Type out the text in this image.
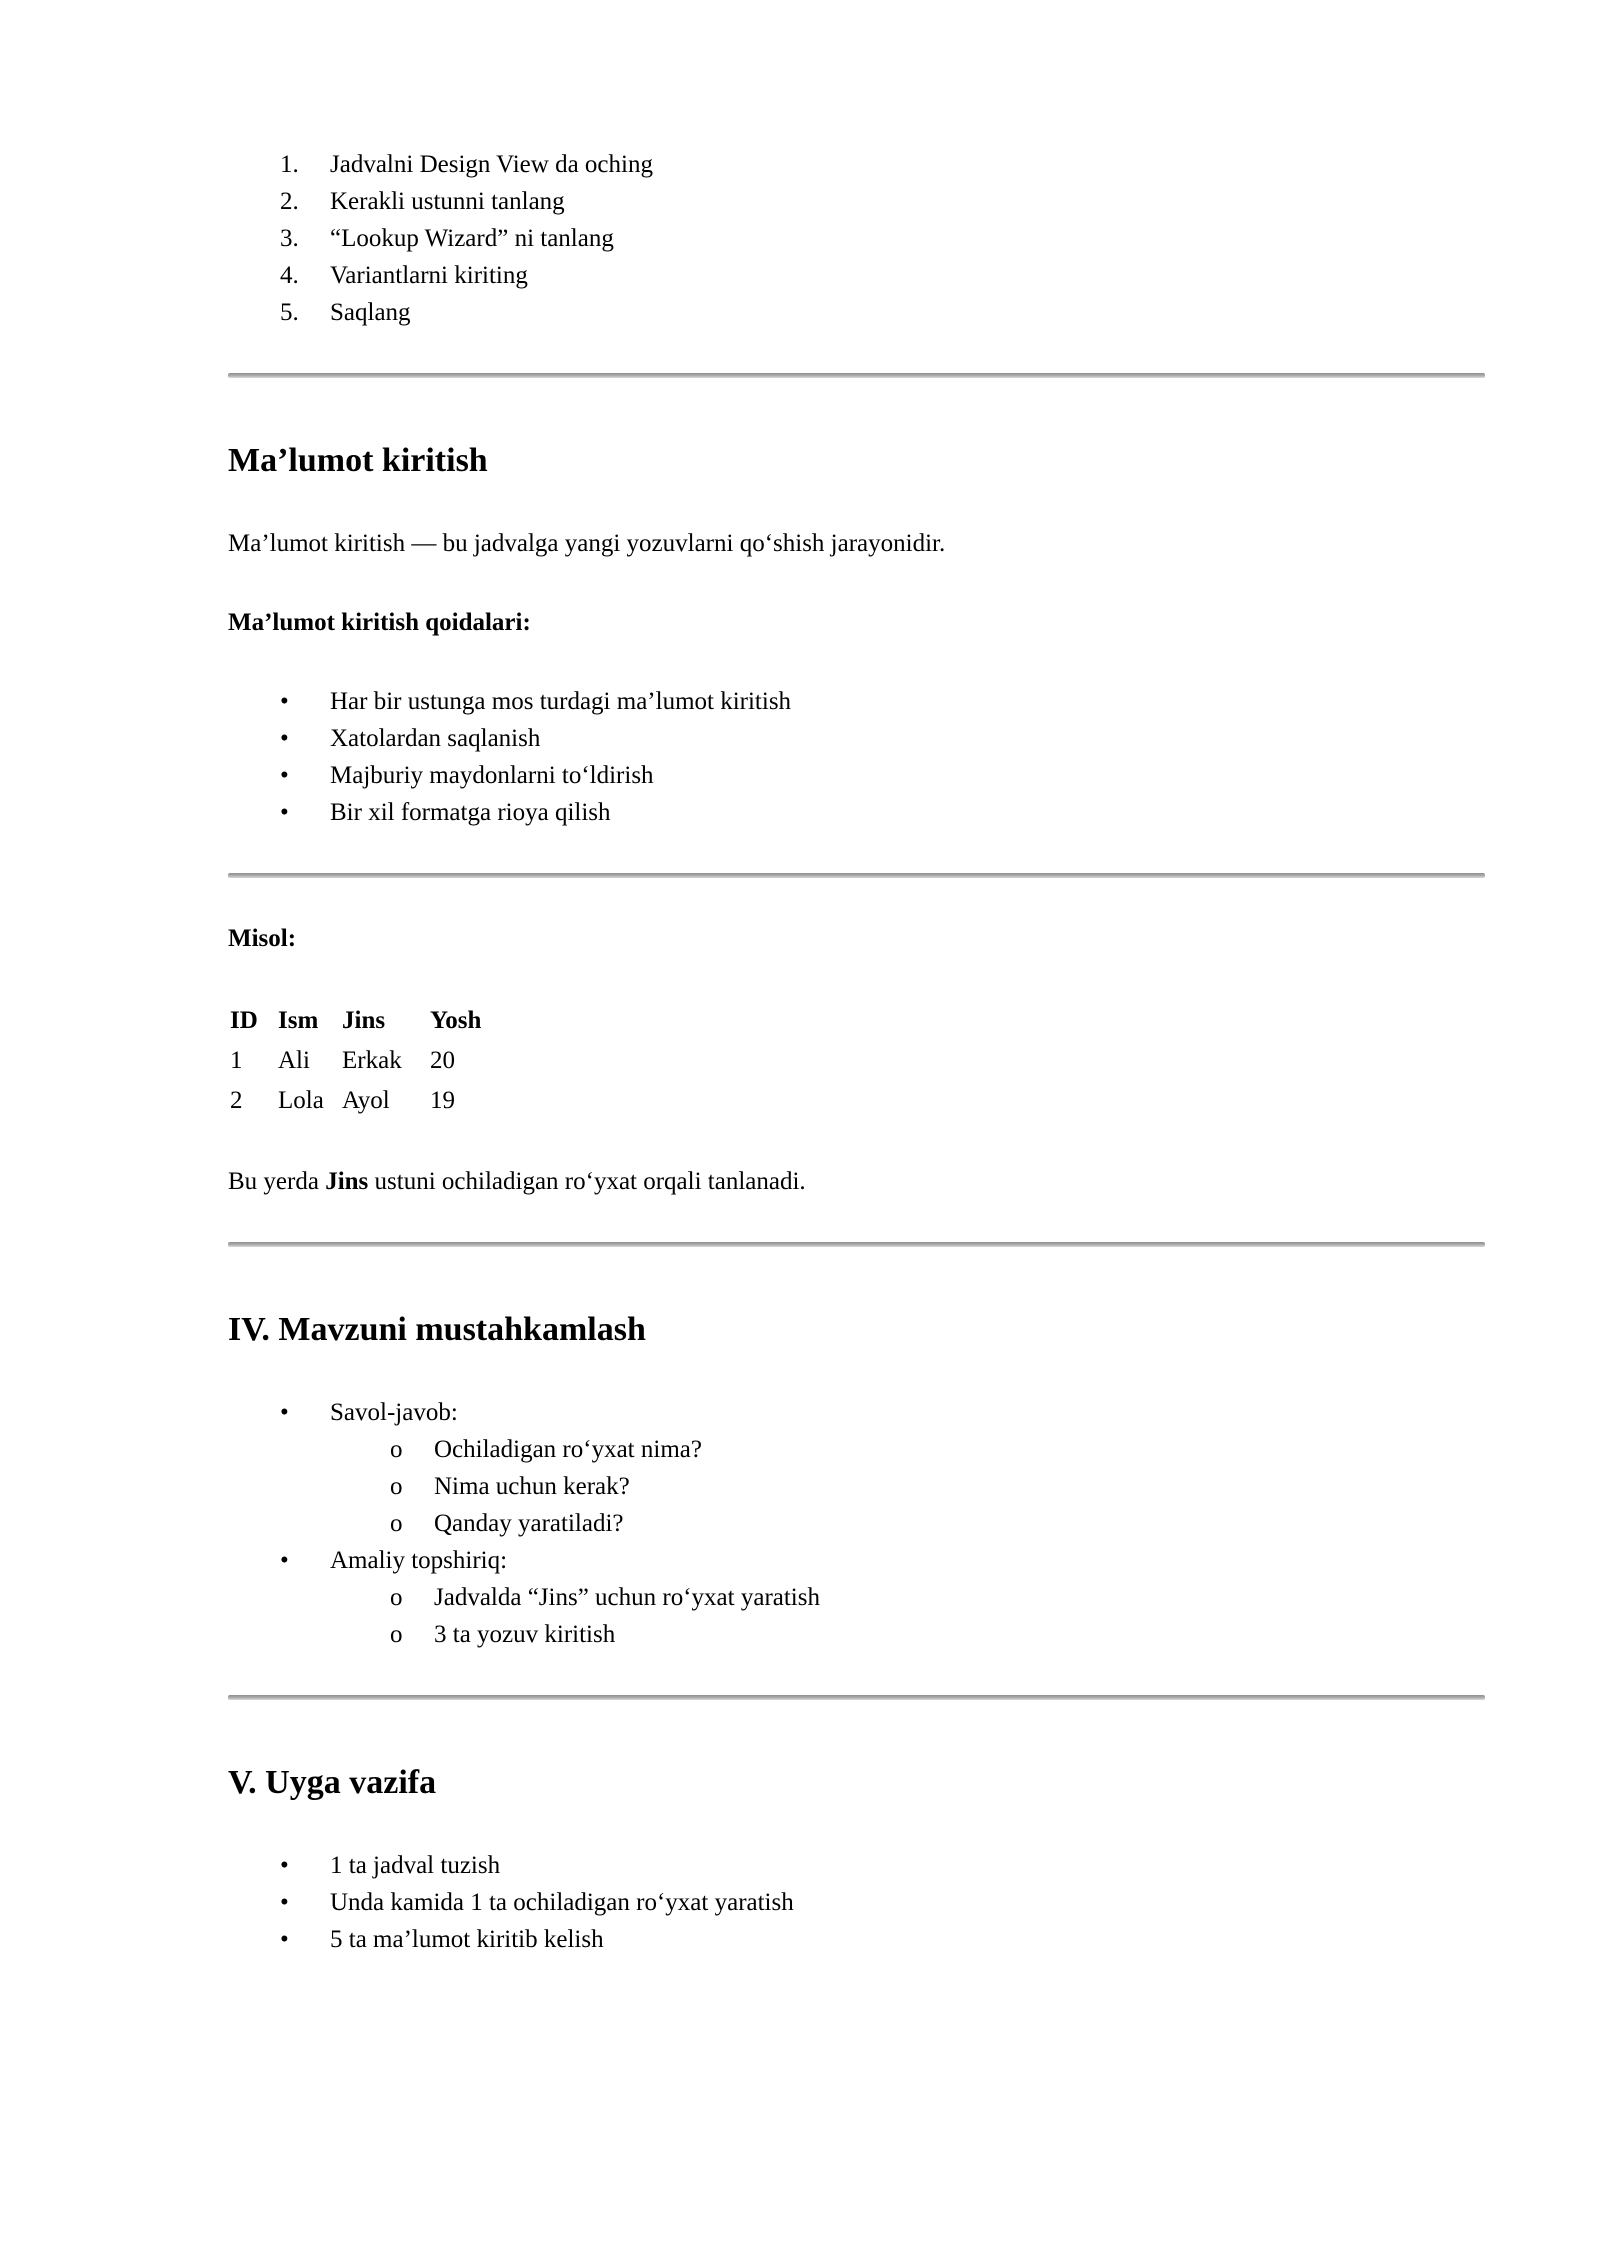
1.	Jadvalni Design View da oching
2.	Kerakli ustunni tanlang
3.	“Lookup Wizard” ni tanlang
4.	Variantlarni kiriting
5.	Saqlang
Ma’lumot kiritish

Ma’lumot kiritish — bu jadvalga yangi yozuvlarni qo‘shish jarayonidir.

Ma’lumot kiritish qoidalari:

•	Har bir ustunga mos turdagi ma’lumot kiritish
•	Xatolardan saqlanish
•	Majburiy maydonlarni to‘ldirish
•	Bir xil formatga rioya qilish

Misol:

ID	Ism	Jins	Yosh
1	Ali	Erkak	20
2	Lola	Ayol	19

Bu yerda Jins ustuni ochiladigan ro‘yxat orqali tanlanadi.

IV. Mavzuni mustahkamlash
•	Savol-javob:
o	Ochiladigan ro‘yxat nima?
o	Nima uchun kerak?
o	Qanday yaratiladi?
•	Amaliy topshiriq:
o	Jadvalda “Jins” uchun ro‘yxat yaratish
o	3 ta yozuv kiritish
V. Uyga vazifa
•	1 ta jadval tuzish
•	Unda kamida 1 ta ochiladigan ro‘yxat yaratish
•	5 ta ma’lumot kiritib kelish
